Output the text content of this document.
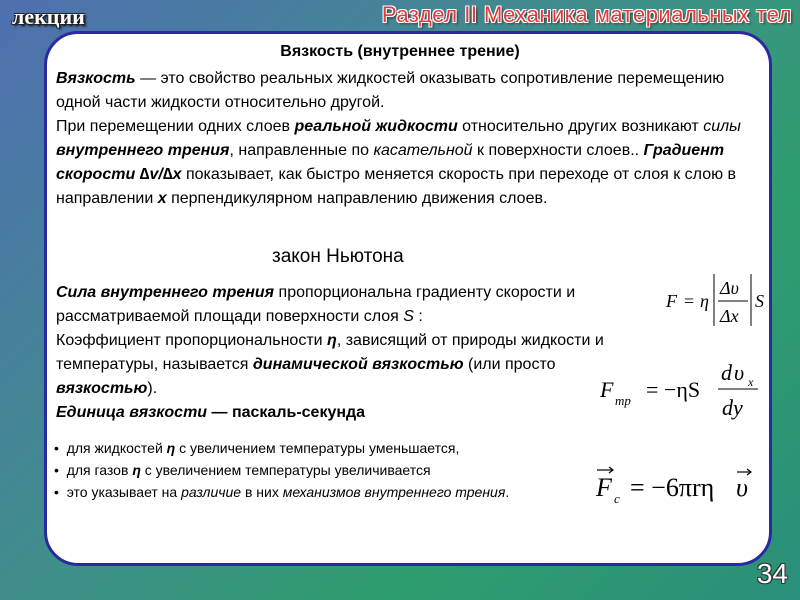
лекции	Раздел II Механика материальных тел
Вязкость (внутреннее трение)
Вязкость — это свойство реальных жидкостей оказывать сопротивление перемещению одной части жидкости относительно другой.
При перемещении одних слоев реальной жидкости относительно других возникают силы внутреннего трения, направленные по касательной к поверхности слоев.. Градиент скорости ∆v/∆x показывает, как быстро меняется скорость при переходе от слоя к слою в направлении x перпендикулярном направлению движения слоев.
закон Ньютона
Сила внутреннего трения пропорциональна градиенту скорости и рассматриваемой площади поверхности слоя S :
Коэффициент пропорциональности η, зависящий от природы жидкости и температуры, называется динамической вязкостью (или просто вязкостью).
Единица вязкости — паскаль-секунда
•  для жидкостей η с увеличением температуры уменьшается,
•  для газов η с увеличением температуры увеличивается
•  это указывает на различие в них механизмов внутреннего трения.
F = η
Δυ
Δx
S
F тр = −ηS
d υ x
dy
F c = −6πrη υ
34
